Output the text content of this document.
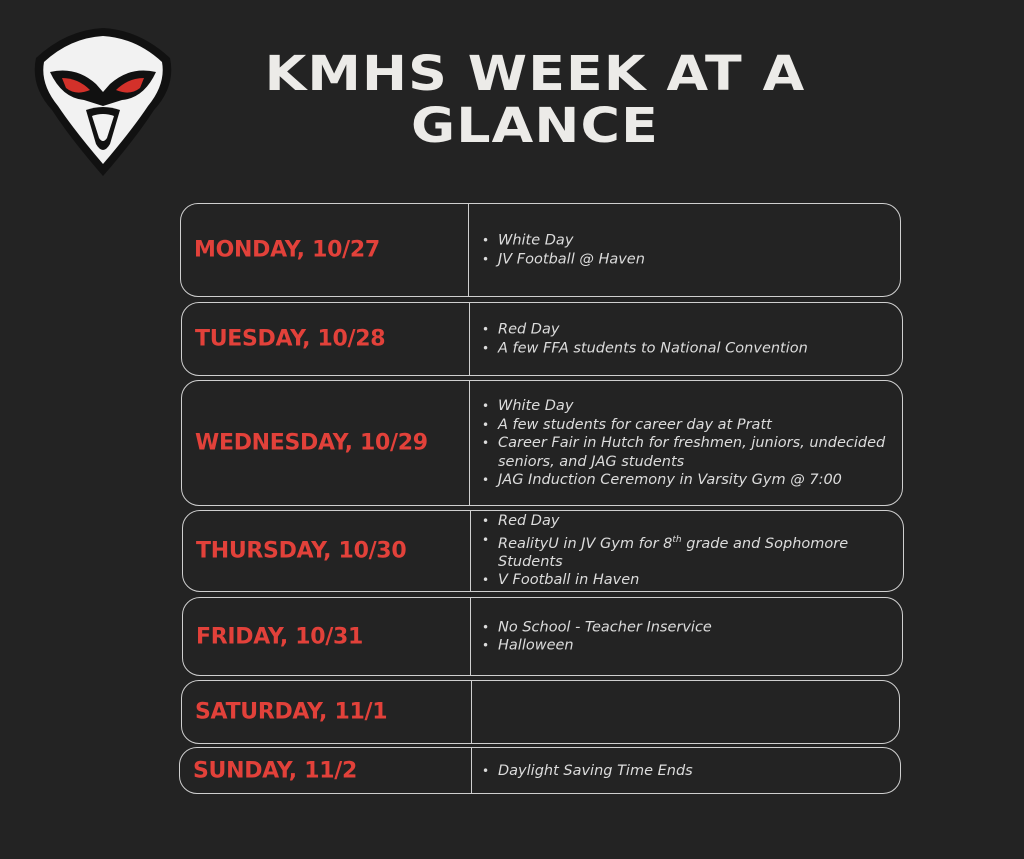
KMHS WEEK AT A
GLANCE
MONDAY, 10/27	• White Day
• JV Football @ Haven
TUESDAY, 10/28	• Red Day
• A few FFA students to National Convention
WEDNESDAY, 10/29
• White Day
• A few students for career day at Pratt
• Career Fair in Hutch for freshmen, juniors, undecided
seniors, and JAG students
• JAG Induction Ceremony in Varsity Gym @ 7:00
THURSDAY, 10/30
• Red Day
• RealityU in JV Gym for 8th grade and Sophomore
Students
• V Football in Haven
FRIDAY, 10/31	• No School - Teacher Inservice
• Halloween
SATURDAY, 11/1
SUNDAY, 11/2	• Daylight Saving Time Ends
